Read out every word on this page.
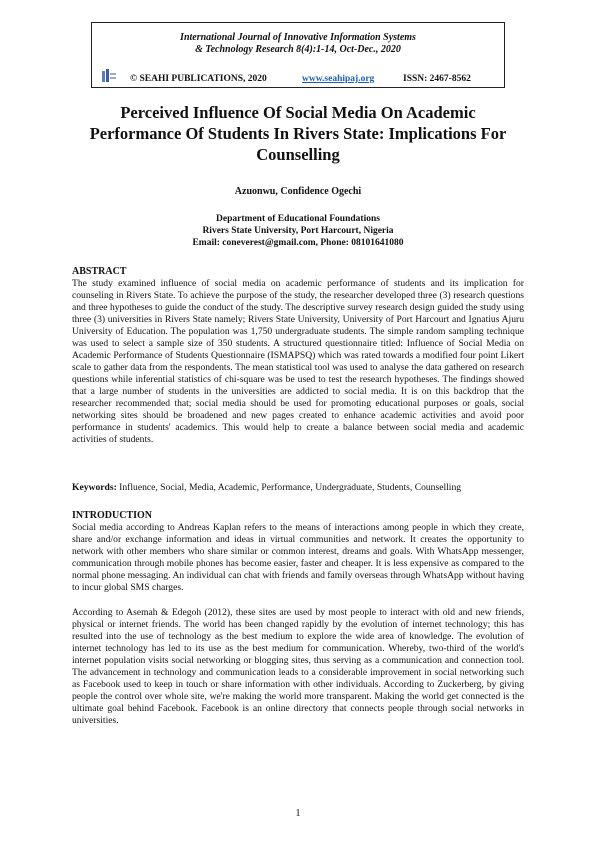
International Journal of Innovative Information Systems
& Technology Research 8(4):1-14, Oct-Dec., 2020
© SEAHI PUBLICATIONS, 2020	www.seahipaj.org	ISSN: 2467-8562
Perceived Influence Of Social Media On Academic Performance Of Students In Rivers State: Implications For Counselling
Azuonwu, Confidence Ogechi
Department of Educational Foundations
Rivers State University, Port Harcourt, Nigeria
Email: coneverest@gmail.com, Phone: 08101641080
ABSTRACT
The study examined influence of social media on academic performance of students and its implication for counseling in Rivers State. To achieve the purpose of the study, the researcher developed three (3) research questions and three hypotheses to guide the conduct of the study. The descriptive survey research design guided the study using three (3) universities in Rivers State namely; Rivers State University, University of Port Harcourt and Ignatius Ajuru University of Education. The population was 1,750 undergraduate students. The simple random sampling technique was used to select a sample size of 350 students. A structured questionnaire titled: Influence of Social Media on Academic Performance of Students Questionnaire (ISMAPSQ) which was rated towards a modified four point Likert scale to gather data from the respondents. The mean statistical tool was used to analyse the data gathered on research questions while inferential statistics of chi-square was be used to test the research hypotheses. The findings showed that a large number of students in the universities are addicted to social media. It is on this backdrop that the researcher recommended that; social media should be used for promoting educational purposes or goals, social networking sites should be broadened and new pages created to enhance academic activities and avoid poor performance in students' academics. This would help to create a balance between social media and academic activities of students.
Keywords: Influence, Social, Media, Academic, Performance, Undergraduate, Students, Counselling
INTRODUCTION
Social media according to Andreas Kaplan refers to the means of interactions among people in which they create, share and/or exchange information and ideas in virtual communities and network. It creates the opportunity to network with other members who share similar or common interest, dreams and goals. With WhatsApp messenger, communication through mobile phones has become easier, faster and cheaper. It is less expensive as compared to the normal phone messaging. An individual can chat with friends and family overseas through WhatsApp without having to incur global SMS charges.
According to Asemah & Edegoh (2012), these sites are used by most people to interact with old and new friends, physical or internet friends. The world has been changed rapidly by the evolution of internet technology; this has resulted into the use of technology as the best medium to explore the wide area of knowledge. The evolution of internet technology has led to its use as the best medium for communication. Whereby, two-third of the world's internet population visits social networking or blogging sites, thus serving as a communication and connection tool. The advancement in technology and communication leads to a considerable improvement in social networking such as Facebook used to keep in touch or share information with other individuals. According to Zuckerberg, by giving people the control over whole site, we're making the world more transparent. Making the world get connected is the ultimate goal behind Facebook. Facebook is an online directory that connects people through social networks in universities.
1
